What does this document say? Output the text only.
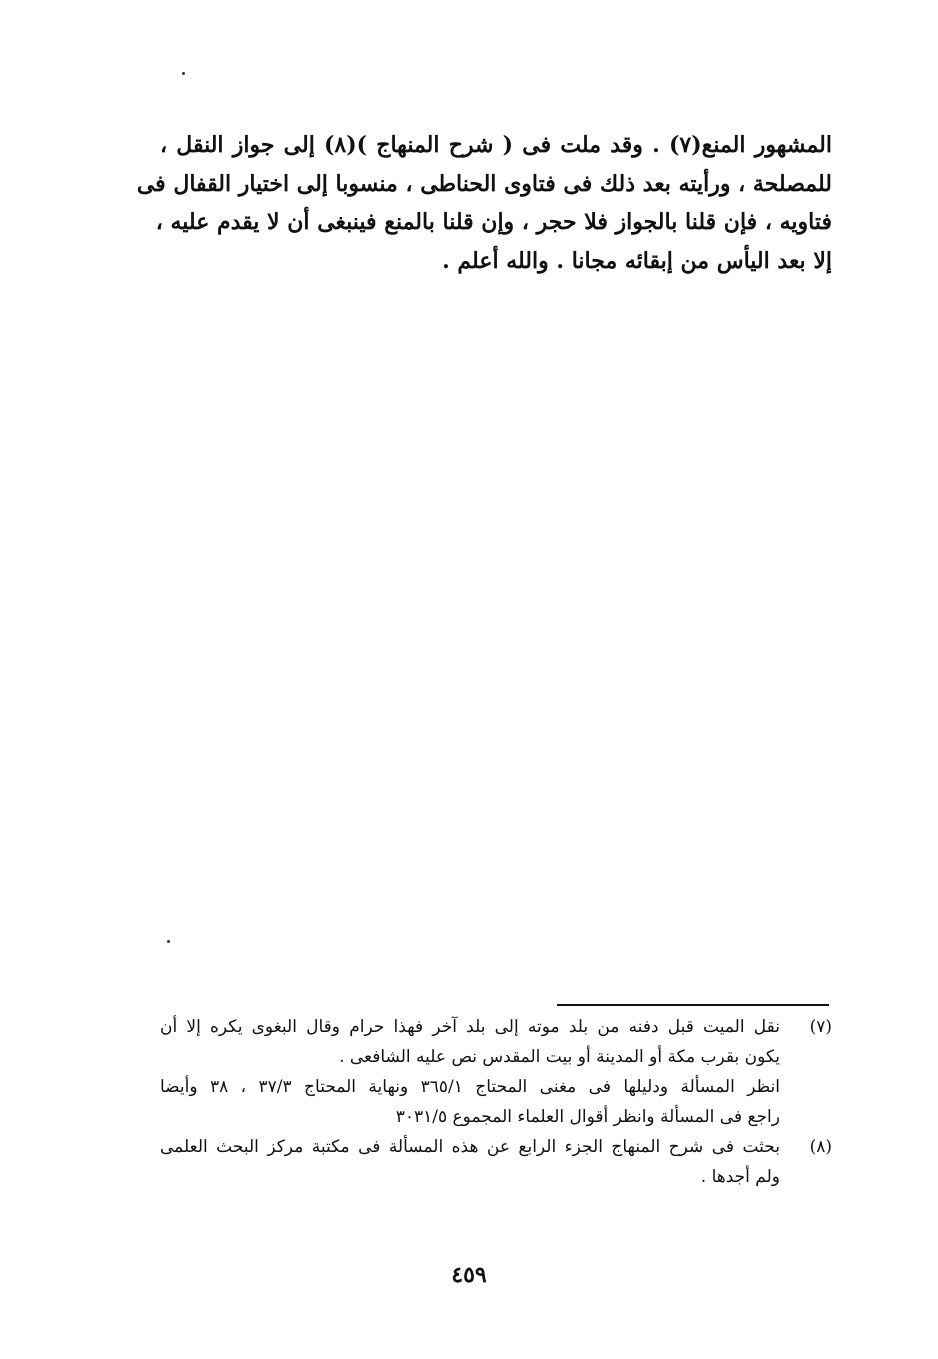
المشهور المنع(٧) . وقد ملت فى ( شرح المنهاج )(٨) إلى جواز النقل ،
للمصلحة ، ورأيته بعد ذلك فى فتاوى الحناطى ، منسوبا إلى اختيار القفال فى
فتاويه ، فإن قلنا بالجواز فلا حجر ، وإن قلنا بالمنع فينبغى أن لا يقدم عليه ،
إلا بعد اليأس من إبقائه مجانا . والله أعلم .
(٧)
نقل الميت قبل دفنه من بلد موته إلى بلد آخر فهذا حرام وقال البغوى يكره إلا أن
يكون بقرب مكة أو المدينة أو بيت المقدس نص عليه الشافعى .
انظر المسألة ودليلها فى مغنى المحتاج ٣٦٥/١ ونهاية المحتاج ٣٧/٣ ، ٣٨ وأيضا
راجع فى المسألة وانظر أقوال العلماء المجموع ٣٠٣١/٥
(٨)
بحثت فى شرح المنهاج الجزء الرابع عن هذه المسألة فى مكتبة مركز البحث العلمى
ولم أجدها .
٤٥٩
